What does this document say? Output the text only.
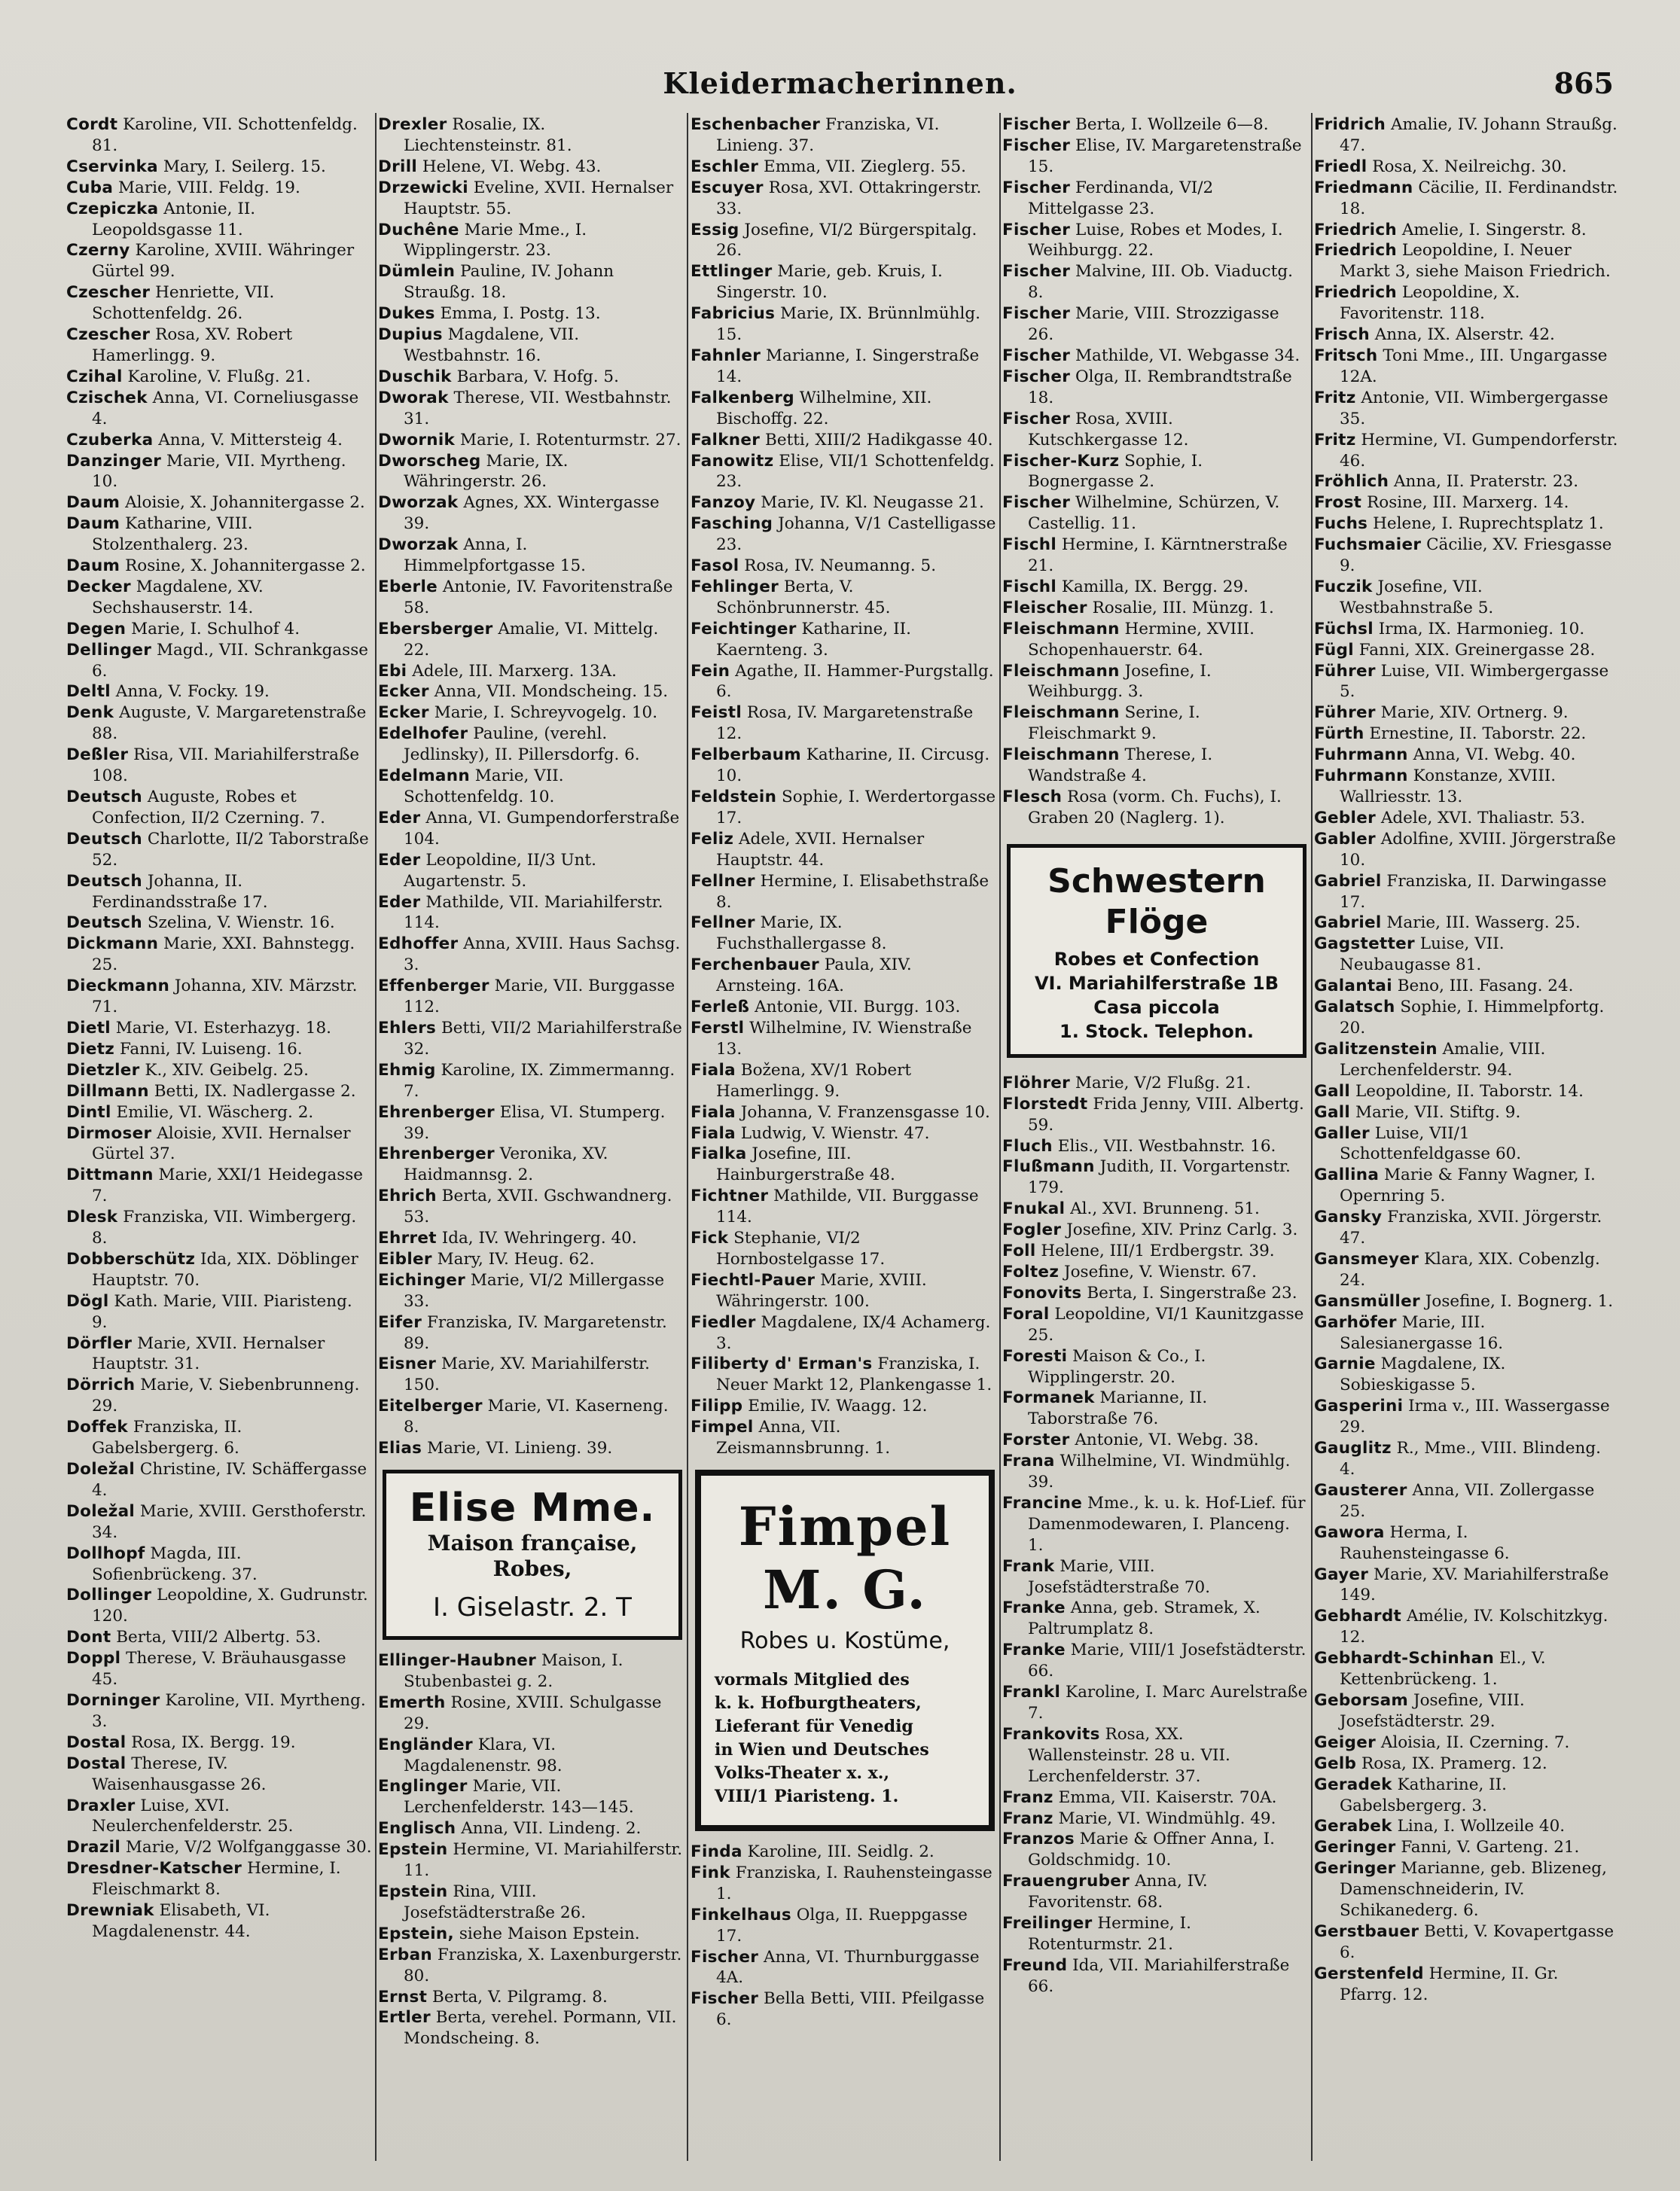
Kleidermacherinnen.	865
Cordt Karoline, VII. Schottenfeldg. 81.
Cservinka Mary, I. Seilerg. 15.
Cuba Marie, VIII. Feldg. 19.
Czepiczka Antonie, II. Leopoldsgasse 11.
Czerny Karoline, XVIII. Währinger Gürtel 99.
Czescher Henriette, VII. Schottenfeldg. 26.
Czescher Rosa, XV. Robert Hamerlingg. 9.
Czihal Karoline, V. Flußg. 21.
Czischek Anna, VI. Corneliusgasse 4.
Czuberka Anna, V. Mittersteig 4.
Danzinger Marie, VII. Myrtheng. 10.
Daum Aloisie, X. Johannitergasse 2.
Daum Katharine, VIII. Stolzenthalerg. 23.
Daum Rosine, X. Johannitergasse 2.
Decker Magdalene, XV. Sechshauserstr. 14.
Degen Marie, I. Schulhof 4.
Dellinger Magd., VII. Schrankgasse 6.
Deltl Anna, V. Focky. 19.
Denk Auguste, V. Margaretenstraße 88.
Deßler Risa, VII. Mariahilferstraße 108.
Deutsch Auguste, Robes et Confection, II/2 Czerning. 7.
Deutsch Charlotte, II/2 Taborstraße 52.
Deutsch Johanna, II. Ferdinandsstraße 17.
Deutsch Szelina, V. Wienstr. 16.
Dickmann Marie, XXI. Bahnstegg. 25.
Dieckmann Johanna, XIV. Märzstr. 71.
Dietl Marie, VI. Esterhazyg. 18.
Dietz Fanni, IV. Luiseng. 16.
Dietzler K., XIV. Geibelg. 25.
Dillmann Betti, IX. Nadlergasse 2.
Dintl Emilie, VI. Wäscherg. 2.
Dirmoser Aloisie, XVII. Hernalser Gürtel 37.
Dittmann Marie, XXI/1 Heidegasse 7.
Dlesk Franziska, VII. Wimbergerg. 8.
Dobberschütz Ida, XIX. Döblinger Hauptstr. 70.
Dögl Kath. Marie, VIII. Piaristeng. 9.
Dörfler Marie, XVII. Hernalser Hauptstr. 31.
Dörrich Marie, V. Siebenbrunneng. 29.
Doffek Franziska, II. Gabelsbergerg. 6.
Doležal Christine, IV. Schäffergasse 4.
Doležal Marie, XVIII. Gersthoferstr. 34.
Dollhopf Magda, III. Sofienbrückeng. 37.
Dollinger Leopoldine, X. Gudrunstr. 120.
Dont Berta, VIII/2 Albertg. 53.
Doppl Therese, V. Bräuhausgasse 45.
Dorninger Karoline, VII. Myrtheng. 3.
Dostal Rosa, IX. Bergg. 19.
Dostal Therese, IV. Waisenhausgasse 26.
Draxler Luise, XVI. Neulerchenfelderstr. 25.
Drazil Marie, V/2 Wolfganggasse 30.
Dresdner-Katscher Hermine, I. Fleischmarkt 8.
Drewniak Elisabeth, VI. Magdalenenstr. 44.
Drexler Rosalie, IX. Liechtensteinstr. 81.
Drill Helene, VI. Webg. 43.
Drzewicki Eveline, XVII. Hernalser Hauptstr. 55.
Duchêne Marie Mme., I. Wipplingerstr. 23.
Dümlein Pauline, IV. Johann Straußg. 18.
Dukes Emma, I. Postg. 13.
Dupius Magdalene, VII. Westbahnstr. 16.
Duschik Barbara, V. Hofg. 5.
Dworak Therese, VII. Westbahnstr. 31.
Dwornik Marie, I. Rotenturmstr. 27.
Dworscheg Marie, IX. Währingerstr. 26.
Dworzak Agnes, XX. Wintergasse 39.
Dworzak Anna, I. Himmelpfortgasse 15.
Eberle Antonie, IV. Favoritenstraße 58.
Ebersberger Amalie, VI. Mittelg. 22.
Ebi Adele, III. Marxerg. 13A.
Ecker Anna, VII. Mondscheing. 15.
Ecker Marie, I. Schreyvogelg. 10.
Edelhofer Pauline, (verehl. Jedlinsky), II. Pillersdorfg. 6.
Edelmann Marie, VII. Schottenfeldg. 10.
Eder Anna, VI. Gumpendorferstraße 104.
Eder Leopoldine, II/3 Unt. Augartenstr. 5.
Eder Mathilde, VII. Mariahilferstr. 114.
Edhoffer Anna, XVIII. Haus Sachsg. 3.
Effenberger Marie, VII. Burggasse 112.
Ehlers Betti, VII/2 Mariahilferstraße 32.
Ehmig Karoline, IX. Zimmermanng. 7.
Ehrenberger Elisa, VI. Stumperg. 39.
Ehrenberger Veronika, XV. Haidmannsg. 2.
Ehrich Berta, XVII. Gschwandnerg. 53.
Ehrret Ida, IV. Wehringerg. 40.
Eibler Mary, IV. Heug. 62.
Eichinger Marie, VI/2 Millergasse 33.
Eifer Franziska, IV. Margaretenstr. 89.
Eisner Marie, XV. Mariahilferstr. 150.
Eitelberger Marie, VI. Kaserneng. 8.
Elias Marie, VI. Linieng. 39.
Elise Mme.
Maison française,
Robes,
I. Giselastr. 2. T
Ellinger-Haubner Maison, I. Stubenbastei g. 2.
Emerth Rosine, XVIII. Schulgasse 29.
Engländer Klara, VI. Magdalenenstr. 98.
Englinger Marie, VII. Lerchenfelderstr. 143—145.
Englisch Anna, VII. Lindeng. 2.
Epstein Hermine, VI. Mariahilferstr. 11.
Epstein Rina, VIII. Josefstädterstraße 26.
Epstein, siehe Maison Epstein.
Erban Franziska, X. Laxenburgerstr. 80.
Ernst Berta, V. Pilgramg. 8.
Ertler Berta, verehel. Pormann, VII. Mondscheing. 8.
Eschenbacher Franziska, VI. Linieng. 37.
Eschler Emma, VII. Zieglerg. 55.
Escuyer Rosa, XVI. Ottakringerstr. 33.
Essig Josefine, VI/2 Bürgerspitalg. 26.
Ettlinger Marie, geb. Kruis, I. Singerstr. 10.
Fabricius Marie, IX. Brünnlmühlg. 15.
Fahnler Marianne, I. Singerstraße 14.
Falkenberg Wilhelmine, XII. Bischoffg. 22.
Falkner Betti, XIII/2 Hadikgasse 40.
Fanowitz Elise, VII/1 Schottenfeldg. 23.
Fanzoy Marie, IV. Kl. Neugasse 21.
Fasching Johanna, V/1 Castelligasse 23.
Fasol Rosa, IV. Neumanng. 5.
Fehlinger Berta, V. Schönbrunnerstr. 45.
Feichtinger Katharine, II. Kaernteng. 3.
Fein Agathe, II. Hammer-Purgstallg. 6.
Feistl Rosa, IV. Margaretenstraße 12.
Felberbaum Katharine, II. Circusg. 10.
Feldstein Sophie, I. Werdertorgasse 17.
Feliz Adele, XVII. Hernalser Hauptstr. 44.
Fellner Hermine, I. Elisabethstraße 8.
Fellner Marie, IX. Fuchsthallergasse 8.
Ferchenbauer Paula, XIV. Arnsteing. 16A.
Ferleß Antonie, VII. Burgg. 103.
Ferstl Wilhelmine, IV. Wienstraße 13.
Fiala Božena, XV/1 Robert Hamerlingg. 9.
Fiala Johanna, V. Franzensgasse 10.
Fiala Ludwig, V. Wienstr. 47.
Fialka Josefine, III. Hainburgerstraße 48.
Fichtner Mathilde, VII. Burggasse 114.
Fick Stephanie, VI/2 Hornbostelgasse 17.
Fiechtl-Pauer Marie, XVIII. Währingerstr. 100.
Fiedler Magdalene, IX/4 Achamerg. 3.
Filiberty d' Erman's Franziska, I. Neuer Markt 12, Plankengasse 1.
Filipp Emilie, IV. Waagg. 12.
Fimpel Anna, VII. Zeismannsbrunng. 1.
Fimpel M. G.
Robes u. Kostüme,
vormals Mitglied des
k. k. Hofburgtheaters,
Lieferant für Venedig
in Wien und Deutsches
Volks-Theater x. x.,
VIII/1 Piaristeng. 1.
Finda Karoline, III. Seidlg. 2.
Fink Franziska, I. Rauhensteingasse 1.
Finkelhaus Olga, II. Rueppgasse 17.
Fischer Anna, VI. Thurnburggasse 4A.
Fischer Bella Betti, VIII. Pfeilgasse 6.
Fischer Berta, I. Wollzeile 6—8.
Fischer Elise, IV. Margaretenstraße 15.
Fischer Ferdinanda, VI/2 Mittelgasse 23.
Fischer Luise, Robes et Modes, I. Weihburgg. 22.
Fischer Malvine, III. Ob. Viaductg. 8.
Fischer Marie, VIII. Strozzigasse 26.
Fischer Mathilde, VI. Webgasse 34.
Fischer Olga, II. Rembrandtstraße 18.
Fischer Rosa, XVIII. Kutschkergasse 12.
Fischer-Kurz Sophie, I. Bognergasse 2.
Fischer Wilhelmine, Schürzen, V. Castellig. 11.
Fischl Hermine, I. Kärntnerstraße 21.
Fischl Kamilla, IX. Bergg. 29.
Fleischer Rosalie, III. Münzg. 1.
Fleischmann Hermine, XVIII. Schopenhauerstr. 64.
Fleischmann Josefine, I. Weihburgg. 3.
Fleischmann Serine, I. Fleischmarkt 9.
Fleischmann Therese, I. Wandstraße 4.
Flesch Rosa (vorm. Ch. Fuchs), I. Graben 20 (Naglerg. 1).
Schwestern Flöge
Robes et Confection
VI. Mariahilferstraße 1B
Casa piccola
1. Stock. Telephon.
Flöhrer Marie, V/2 Flußg. 21.
Florstedt Frida Jenny, VIII. Albertg. 59.
Fluch Elis., VII. Westbahnstr. 16.
Flußmann Judith, II. Vorgartenstr. 179.
Fnukal Al., XVI. Brunneng. 51.
Fogler Josefine, XIV. Prinz Carlg. 3.
Foll Helene, III/1 Erdbergstr. 39.
Foltez Josefine, V. Wienstr. 67.
Fonovits Berta, I. Singerstraße 23.
Foral Leopoldine, VI/1 Kaunitzgasse 25.
Foresti Maison & Co., I. Wipplingerstr. 20.
Formanek Marianne, II. Taborstraße 76.
Forster Antonie, VI. Webg. 38.
Frana Wilhelmine, VI. Windmühlg. 39.
Francine Mme., k. u. k. Hof-Lief. für Damenmodewaren, I. Planceng. 1.
Frank Marie, VIII. Josefstädterstraße 70.
Franke Anna, geb. Stramek, X. Paltrumplatz 8.
Franke Marie, VIII/1 Josefstädterstr. 66.
Frankl Karoline, I. Marc Aurelstraße 7.
Frankovits Rosa, XX. Wallensteinstr. 28 u. VII. Lerchenfelderstr. 37.
Franz Emma, VII. Kaiserstr. 70A.
Franz Marie, VI. Windmühlg. 49.
Franzos Marie & Offner Anna, I. Goldschmidg. 10.
Frauengruber Anna, IV. Favoritenstr. 68.
Freilinger Hermine, I. Rotenturmstr. 21.
Freund Ida, VII. Mariahilferstraße 66.
Fridrich Amalie, IV. Johann Straußg. 47.
Friedl Rosa, X. Neilreichg. 30.
Friedmann Cäcilie, II. Ferdinandstr. 18.
Friedrich Amelie, I. Singerstr. 8.
Friedrich Leopoldine, I. Neuer Markt 3, siehe Maison Friedrich.
Friedrich Leopoldine, X. Favoritenstr. 118.
Frisch Anna, IX. Alserstr. 42.
Fritsch Toni Mme., III. Ungargasse 12A.
Fritz Antonie, VII. Wimbergergasse 35.
Fritz Hermine, VI. Gumpendorferstr. 46.
Fröhlich Anna, II. Praterstr. 23.
Frost Rosine, III. Marxerg. 14.
Fuchs Helene, I. Ruprechtsplatz 1.
Fuchsmaier Cäcilie, XV. Friesgasse 9.
Fuczik Josefine, VII. Westbahnstraße 5.
Füchsl Irma, IX. Harmonieg. 10.
Fügl Fanni, XIX. Greinergasse 28.
Führer Luise, VII. Wimbergergasse 5.
Führer Marie, XIV. Ortnerg. 9.
Fürth Ernestine, II. Taborstr. 22.
Fuhrmann Anna, VI. Webg. 40.
Fuhrmann Konstanze, XVIII. Wallriesstr. 13.
Gebler Adele, XVI. Thaliastr. 53.
Gabler Adolfine, XVIII. Jörgerstraße 10.
Gabriel Franziska, II. Darwingasse 17.
Gabriel Marie, III. Wasserg. 25.
Gagstetter Luise, VII. Neubaugasse 81.
Galantai Beno, III. Fasang. 24.
Galatsch Sophie, I. Himmelpfortg. 20.
Galitzenstein Amalie, VIII. Lerchenfelderstr. 94.
Gall Leopoldine, II. Taborstr. 14.
Gall Marie, VII. Stiftg. 9.
Galler Luise, VII/1 Schottenfeldgasse 60.
Gallina Marie & Fanny Wagner, I. Opernring 5.
Gansky Franziska, XVII. Jörgerstr. 47.
Gansmeyer Klara, XIX. Cobenzlg. 24.
Gansmüller Josefine, I. Bognerg. 1.
Garhöfer Marie, III. Salesianergasse 16.
Garnie Magdalene, IX. Sobieskigasse 5.
Gasperini Irma v., III. Wassergasse 29.
Gauglitz R., Mme., VIII. Blindeng. 4.
Gausterer Anna, VII. Zollergasse 25.
Gawora Herma, I. Rauhensteingasse 6.
Gayer Marie, XV. Mariahilferstraße 149.
Gebhardt Amélie, IV. Kolschitzkyg. 12.
Gebhardt-Schinhan El., V. Kettenbrückeng. 1.
Geborsam Josefine, VIII. Josefstädterstr. 29.
Geiger Aloisia, II. Czerning. 7.
Gelb Rosa, IX. Pramerg. 12.
Geradek Katharine, II. Gabelsbergerg. 3.
Gerabek Lina, I. Wollzeile 40.
Geringer Fanni, V. Garteng. 21.
Geringer Marianne, geb. Blizeneg, Damenschneiderin, IV. Schikanederg. 6.
Gerstbauer Betti, V. Kovapertgasse 6.
Gerstenfeld Hermine, II. Gr. Pfarrg. 12.
